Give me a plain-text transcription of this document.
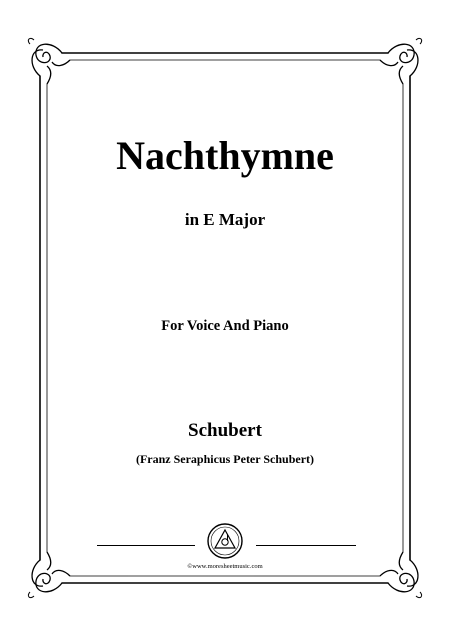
Nachthymne
in E Major
For Voice And Piano
Schubert
(Franz Seraphicus Peter Schubert)
©www.moresheetmusic.com
